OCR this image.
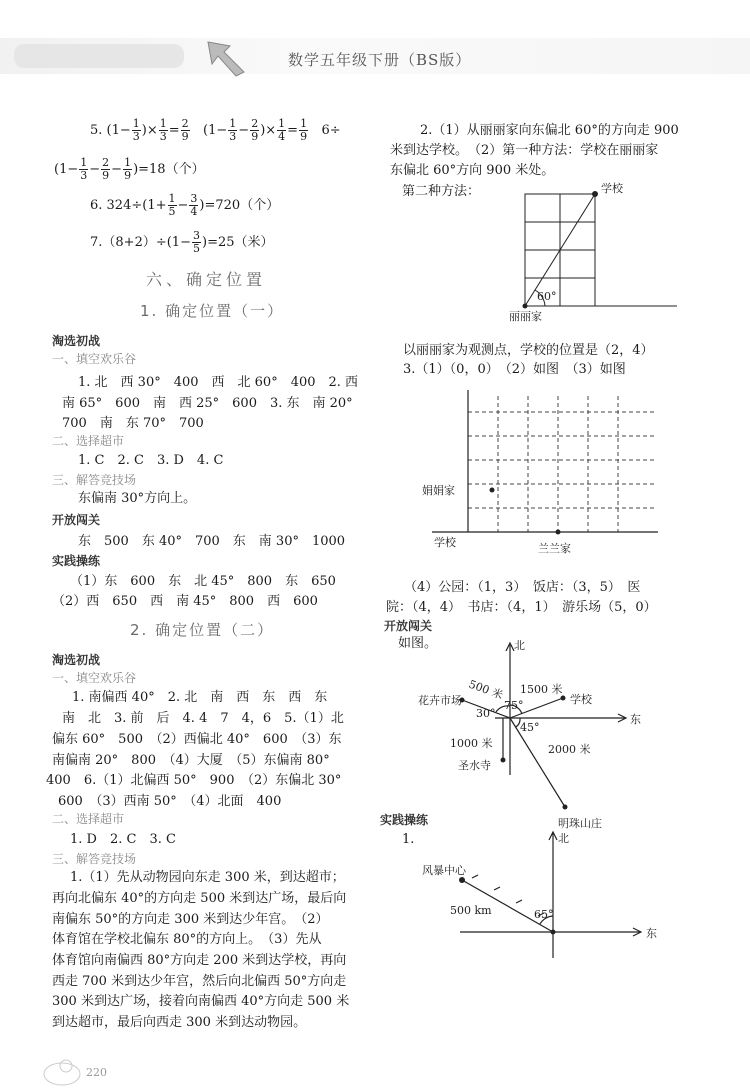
数学五年级下册（BS版）
5. ($1- \frac{1}{3}$ )× $\frac{1}{3} = \frac{2}{9} (1- \frac{1}{3} - \frac{2}{9}$ )× $\frac{1}{4} = \frac{1}{9} 6\div$
$(1- \frac{1}{3} - \frac{2}{9} - \frac{1}{9} )=18$（个）
6. $324\div(1+ \frac{1}{5} - \frac{3}{4} )=720$（个）
$7.(8+2)\div(1- \frac{3}{5} )=25$（米）
六、确定位置
1. 确定位置（一）
淘选初战
一、填空欢乐谷
1. 北　西 30°　400　西　北 60°　400　2. 西
南 65°　600　南　西 25°　600　3. 东　南 20°
700　南　东 70°　700
二、选择超市
1. C　2. C　3. D　4. C
三、解答竞技场
东偏南 30°方向上。
开放闯关
东　500　东 40°　700　东　南 30°　1000
实践操练
（1）东　600　东　北 45°　800　东　650
（2）西　650　西　南 45°　800　西　600
2. 确定位置（二）
淘选初战
一、填空欢乐谷
1. 南偏西 40°　2. 北　南　西　东　西　东
南　北　3. 前　后　4. 4　7　4，6　5.（1）北
偏东 60°　500　（2）西偏北 40°　600　（3）东
南偏南 20°　800　（4）大厦　（5）东偏南 80°
400　6.（1）北偏西 50°　900　（2）东偏北 30°
600　（3）西南 50°　（4）北面　400
二、选择超市
1. D　2. C　3. C
三、解答竞技场
1.（1）先从动物园向东走 300 米，到达超市；
再向北偏东 40°的方向走 500 米到达广场，最后向
南偏东 50°的方向走 300 米到达少年宫。　（2）
体育馆在学校北偏东 80°的方向上。　（3）先从
体育馆向南偏西 80°方向走 200 米到达学校，再向
西走 700 米到达少年宫，然后向北偏西 50°方向走
300 米到达广场，接着向南偏西 40°方向走 500 米
到达超市，最后向西走 300 米到达动物园。
220
2.（1）从丽丽家向东偏北 60°的方向走 900
米到达学校。　（2）第一种方法：学校在丽丽家
东偏北 60°方向 900 米处。
第二种方法：	学校
60°
丽丽家
以丽丽家为观测点，学校的位置是（2，4）
3.（1）（0，0）　（2）如图　（3）如图
娟娟家
学校	兰兰家
（4）公园：（1，3）　饭店：（3，5）　医
院：（4，4）　书店：（4，1）　游乐场（5，0）
开放闯关
如图。	北
东
花卉市场 500 米 1500 米
学校
30°
75°
45°
1000 米	2000 米
圣水寺
明珠山庄
实践操练
1.	北
东
风暴中心
500 km	65°
